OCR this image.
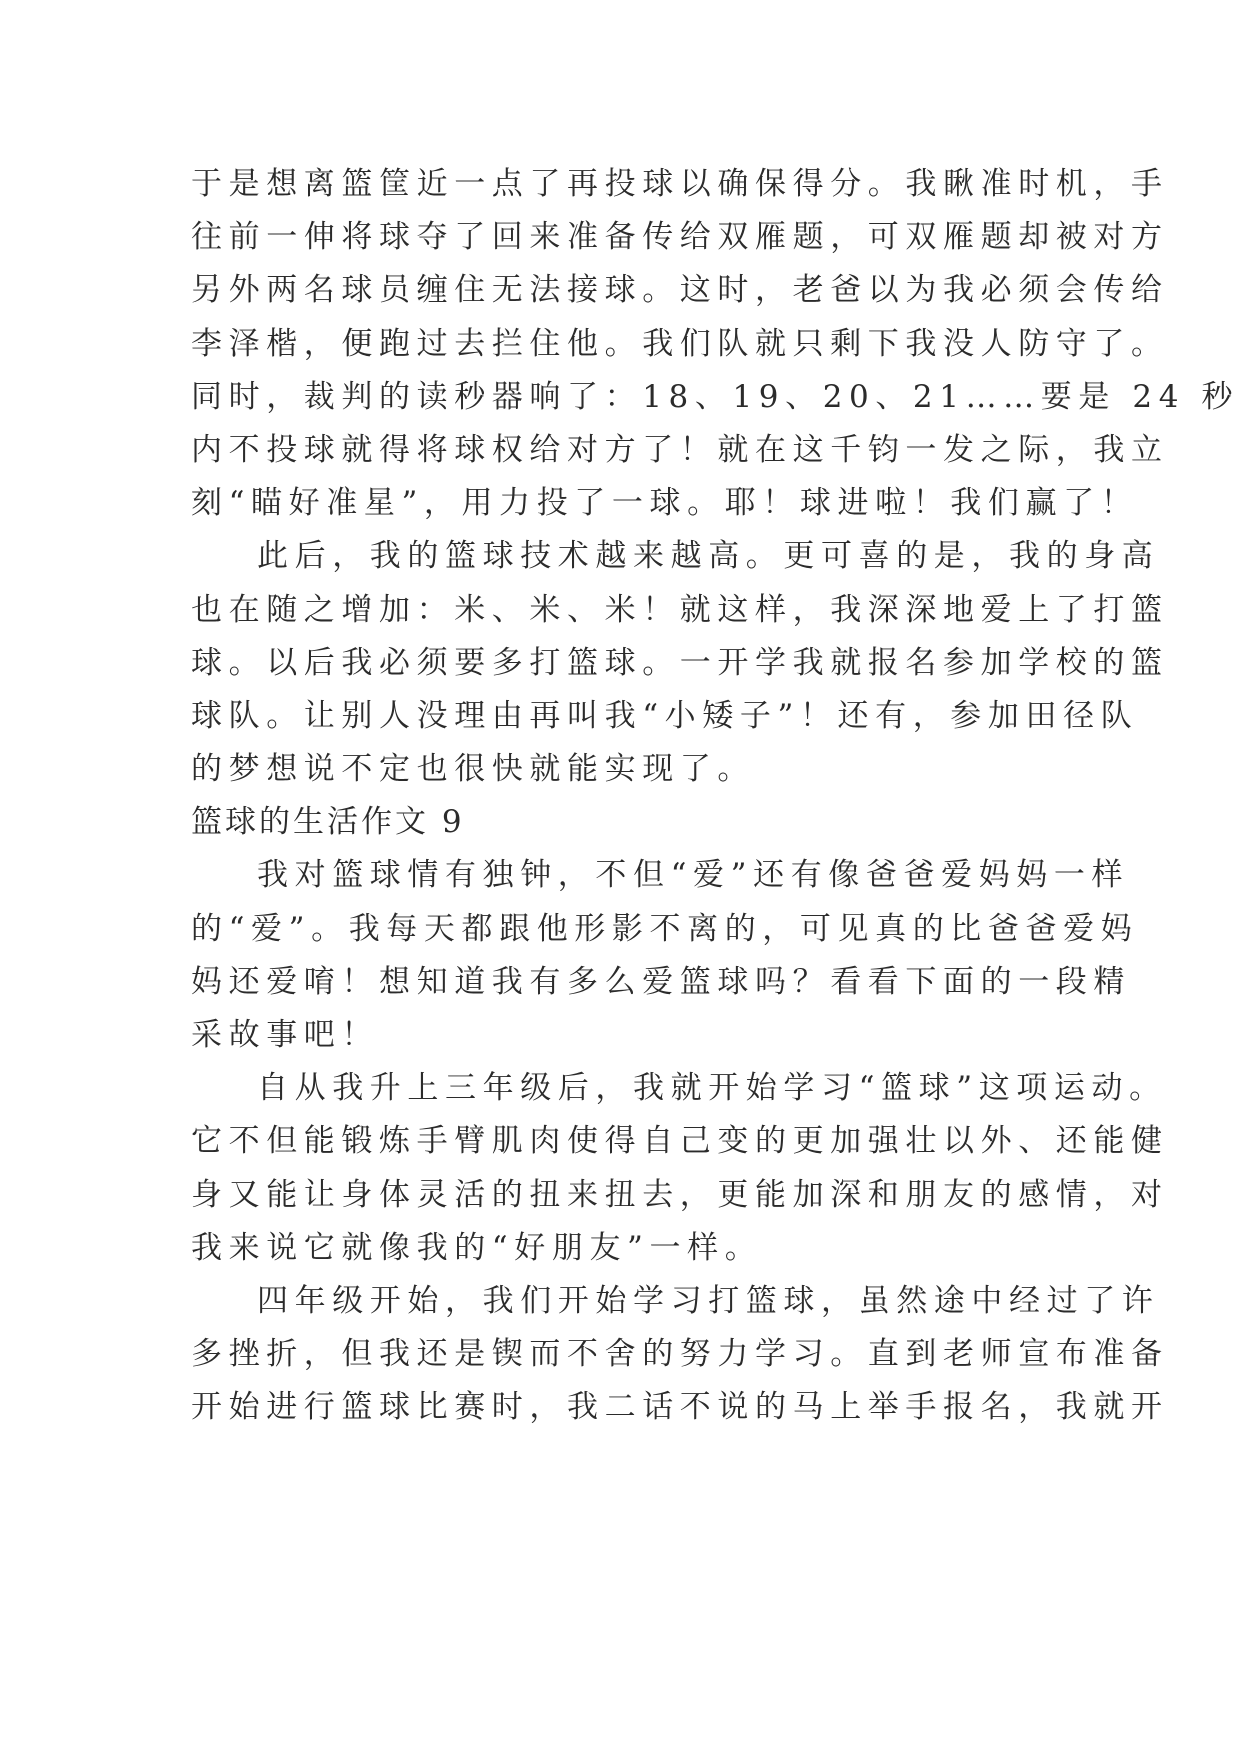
于是想离篮筐近一点了再投球以确保得分。我瞅准时机，手
往前一伸将球夺了回来准备传给双雁题，可双雁题却被对方
另外两名球员缠住无法接球。这时，老爸以为我必须会传给
李泽楷，便跑过去拦住他。我们队就只剩下我没人防守了。
同时，裁判的读秒器响了：18、19、20、21……要是 24 秒
内不投球就得将球权给对方了！就在这千钧一发之际，我立
刻“瞄好准星”，用力投了一球。耶！球进啦！我们赢了！
此后，我的篮球技术越来越高。更可喜的是，我的身高
也在随之增加：米、米、米！就这样，我深深地爱上了打篮
球。以后我必须要多打篮球。一开学我就报名参加学校的篮
球队。让别人没理由再叫我“小矮子”！还有，参加田径队
的梦想说不定也很快就能实现了。
篮球的生活作文 9
我对篮球情有独钟，不但“爱”还有像爸爸爱妈妈一样
的“爱”。我每天都跟他形影不离的，可见真的比爸爸爱妈
妈还爱唷！想知道我有多么爱篮球吗？看看下面的一段精
采故事吧！
自从我升上三年级后，我就开始学习“篮球”这项运动。
它不但能锻炼手臂肌肉使得自己变的更加强壮以外、还能健
身又能让身体灵活的扭来扭去，更能加深和朋友的感情，对
我来说它就像我的“好朋友”一样。
四年级开始，我们开始学习打篮球，虽然途中经过了许
多挫折，但我还是锲而不舍的努力学习。直到老师宣布准备
开始进行篮球比赛时，我二话不说的马上举手报名，我就开
